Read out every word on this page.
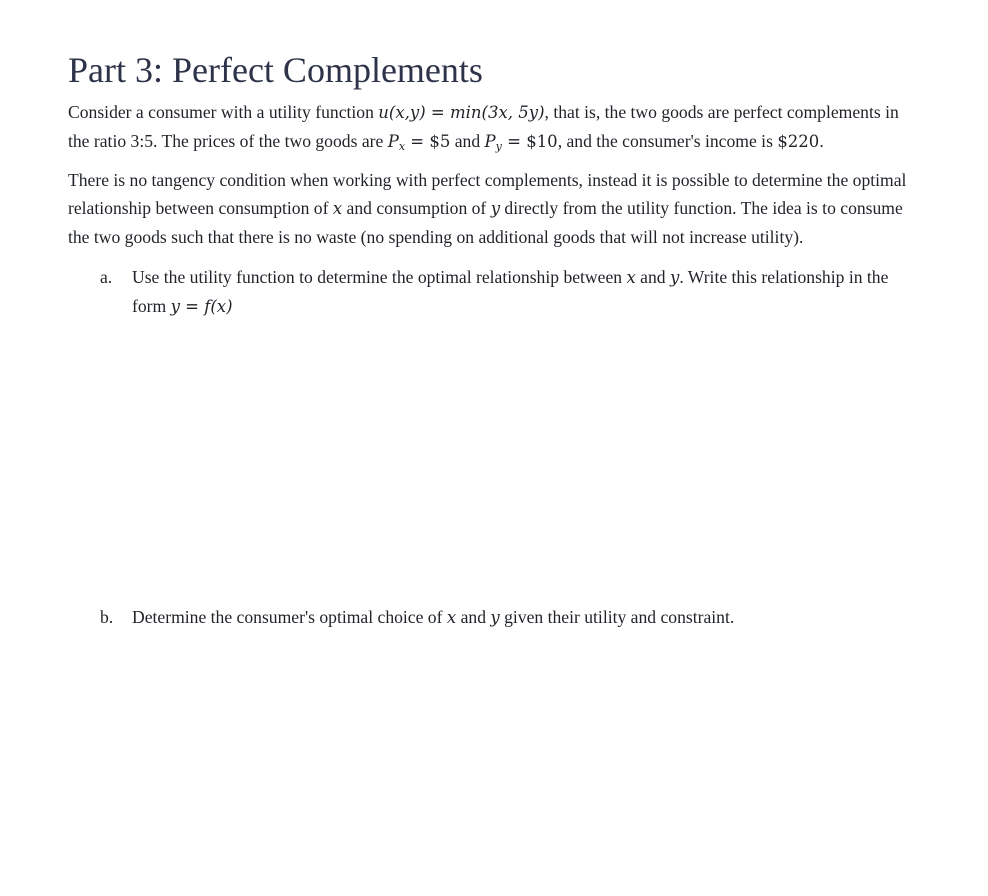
Part 3: Perfect Complements

Consider a consumer with a utility function u(x,y) = min(3x, 5y), that is, the two goods are perfect complements in the ratio 3:5. The prices of the two goods are $P_x$ = $5 and $P_y$ = $10, and the consumer's income is $220.

There is no tangency condition when working with perfect complements, instead it is possible to determine the optimal relationship between consumption of x and consumption of y directly from the utility function. The idea is to consume the two goods such that there is no waste (no spending on additional goods that will not increase utility).

a. Use the utility function to determine the optimal relationship between x and y. Write this relationship in the form y = f(x)
b. Determine the consumer's optimal choice of x and y given their utility and constraint.
